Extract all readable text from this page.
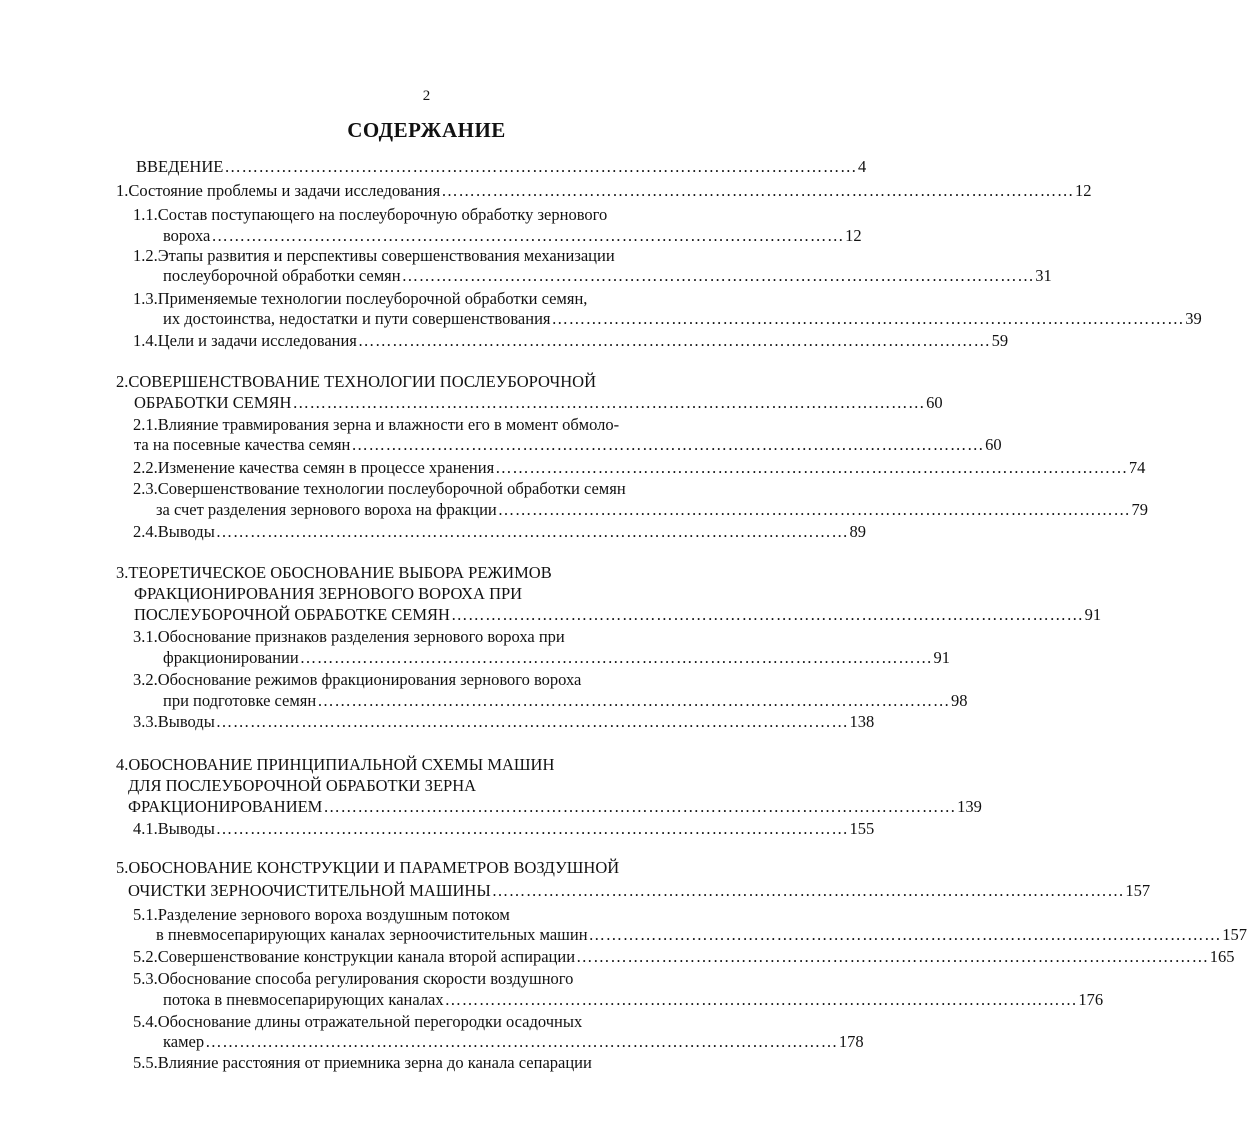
2
СОДЕРЖАНИЕ
ВВЕДЕНИЕ ………………………………………………………………………………………………… 4
1.Состояние проблемы и задачи исследования ………………………………………………………………………………………………… 12
1.1.Состав поступающего на послеуборочную обработку зернового
вороха ………………………………………………………………………………………………… 12
1.2.Этапы развития и перспективы совершенствования механизации
послеуборочной обработки семян ………………………………………………………………………………………………… 31
1.3.Применяемые технологии послеуборочной обработки семян,
их достоинства, недостатки и пути совершенствования ………………………………………………………………………………………………… 39
1.4.Цели и задачи исследования ………………………………………………………………………………………………… 59
2.СОВЕРШЕНСТВОВАНИЕ ТЕХНОЛОГИИ ПОСЛЕУБОРОЧНОЙ
ОБРАБОТКИ СЕМЯН ………………………………………………………………………………………………… 60
2.1.Влияние травмирования зерна и влажности его в момент обмоло-
та на посевные качества семян ………………………………………………………………………………………………… 60
2.2.Изменение качества семян в процессе хранения ………………………………………………………………………………………………… 74
2.3.Совершенствование технологии послеуборочной обработки семян
за счет разделения зернового вороха на фракции ………………………………………………………………………………………………… 79
2.4.Выводы ………………………………………………………………………………………………… 89
3.ТЕОРЕТИЧЕСКОЕ ОБОСНОВАНИЕ ВЫБОРА РЕЖИМОВ
ФРАКЦИОНИРОВАНИЯ ЗЕРНОВОГО ВОРОХА ПРИ
ПОСЛЕУБОРОЧНОЙ ОБРАБОТКЕ СЕМЯН ………………………………………………………………………………………………… 91
3.1.Обоснование признаков разделения зернового вороха при
фракционировании ………………………………………………………………………………………………… 91
3.2.Обоснование режимов фракционирования зернового вороха
при подготовке семян ………………………………………………………………………………………………… 98
3.3.Выводы ………………………………………………………………………………………………… 138
4.ОБОСНОВАНИЕ ПРИНЦИПИАЛЬНОЙ СХЕМЫ МАШИН
ДЛЯ ПОСЛЕУБОРОЧНОЙ ОБРАБОТКИ ЗЕРНА
ФРАКЦИОНИРОВАНИЕМ ………………………………………………………………………………………………… 139
4.1.Выводы ………………………………………………………………………………………………… 155
5.ОБОСНОВАНИЕ КОНСТРУКЦИИ И ПАРАМЕТРОВ ВОЗДУШНОЙ
ОЧИСТКИ ЗЕРНООЧИСТИТЕЛЬНОЙ МАШИНЫ ………………………………………………………………………………………………… 157
5.1.Разделение зернового вороха воздушным потоком
в пневмосепарирующих каналах зерноочистительных машин ………………………………………………………………………………………………… 157
5.2.Совершенствование конструкции канала второй аспирации ………………………………………………………………………………………………… 165
5.3.Обоснование способа регулирования скорости воздушного
потока в пневмосепарирующих каналах ………………………………………………………………………………………………… 176
5.4.Обоснование длины отражательной перегородки осадочных
камер ………………………………………………………………………………………………… 178
5.5.Влияние расстояния от приемника зерна до канала сепарации
